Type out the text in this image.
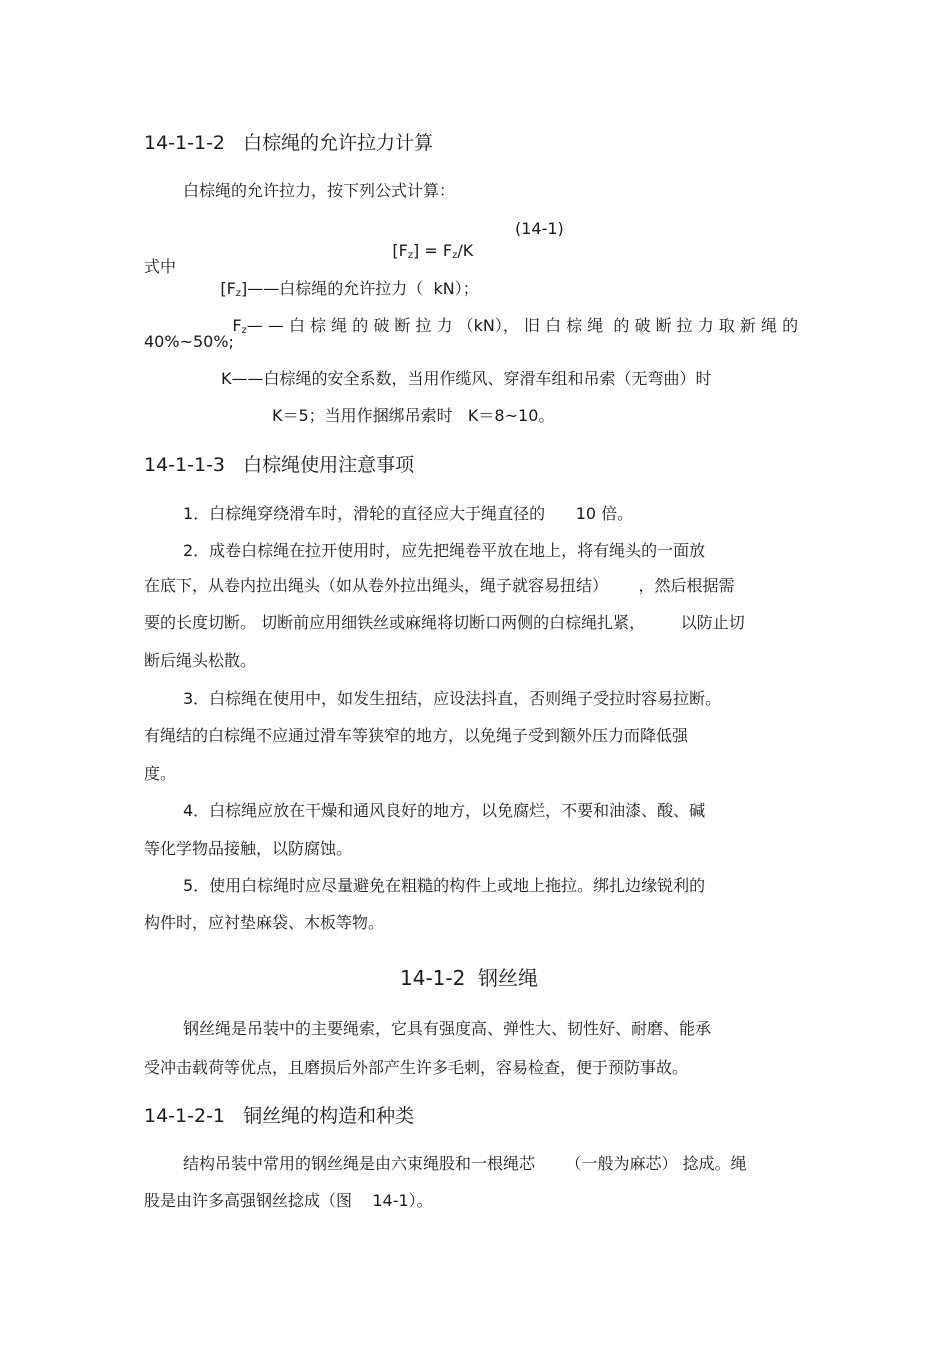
14-1-1-2   白棕绳的允许拉力计算
白棕绳的允许拉力，按下列公式计算：

$[F_z] = F_z/K$

(14-1)
式中

$[F_z]——$白棕绳的允许拉力（  kN）；

$F_z—$ — 白 棕 绳 的 破 断 拉 力 （kN）， 旧 白 棕 绳  的 破 断 拉 力 取 新 绳 的

40%~50%;
K——白棕绳的安全系数，当用作缆风、穿滑车组和吊索（无弯曲）时
K＝5；当用作捆绑吊索时   K＝8~10。
14-1-1-3   白棕绳使用注意事项
1．白棕绳穿绕滑车时，滑轮的直径应大于绳直径的      10 倍。
2．成卷白棕绳在拉开使用时，应先把绳卷平放在地上，将有绳头的一面放
在底下，从卷内拉出绳头（如从卷外拉出绳头，绳子就容易扭结）      ，然后根据需
要的长度切断。 切断前应用细铁丝或麻绳将切断口两侧的白棕绳扎紧，       以防止切
断后绳头松散。
3．白棕绳在使用中，如发生扭结，应设法抖直，否则绳子受拉时容易拉断。
有绳结的白棕绳不应通过滑车等狭窄的地方，以免绳子受到额外压力而降低强
度。
4．白棕绳应放在干燥和通风良好的地方，以免腐烂，不要和油漆、酸、碱
等化学物品接触，以防腐蚀。
5．使用白棕绳时应尽量避免在粗糙的构件上或地上拖拉。绑扎边缘锐利的
构件时，应衬垫麻袋、木板等物。
14-1-2  钢丝绳
钢丝绳是吊装中的主要绳索，它具有强度高、弹性大、韧性好、耐磨、能承
受冲击载荷等优点，且磨损后外部产生许多毛刺，容易检查，便于预防事故。
14-1-2-1   铜丝绳的构造和种类
结构吊装中常用的钢丝绳是由六束绳股和一根绳芯      （一般为麻芯） 捻成。绳
股是由许多高强钢丝捻成（图    14-1）。
